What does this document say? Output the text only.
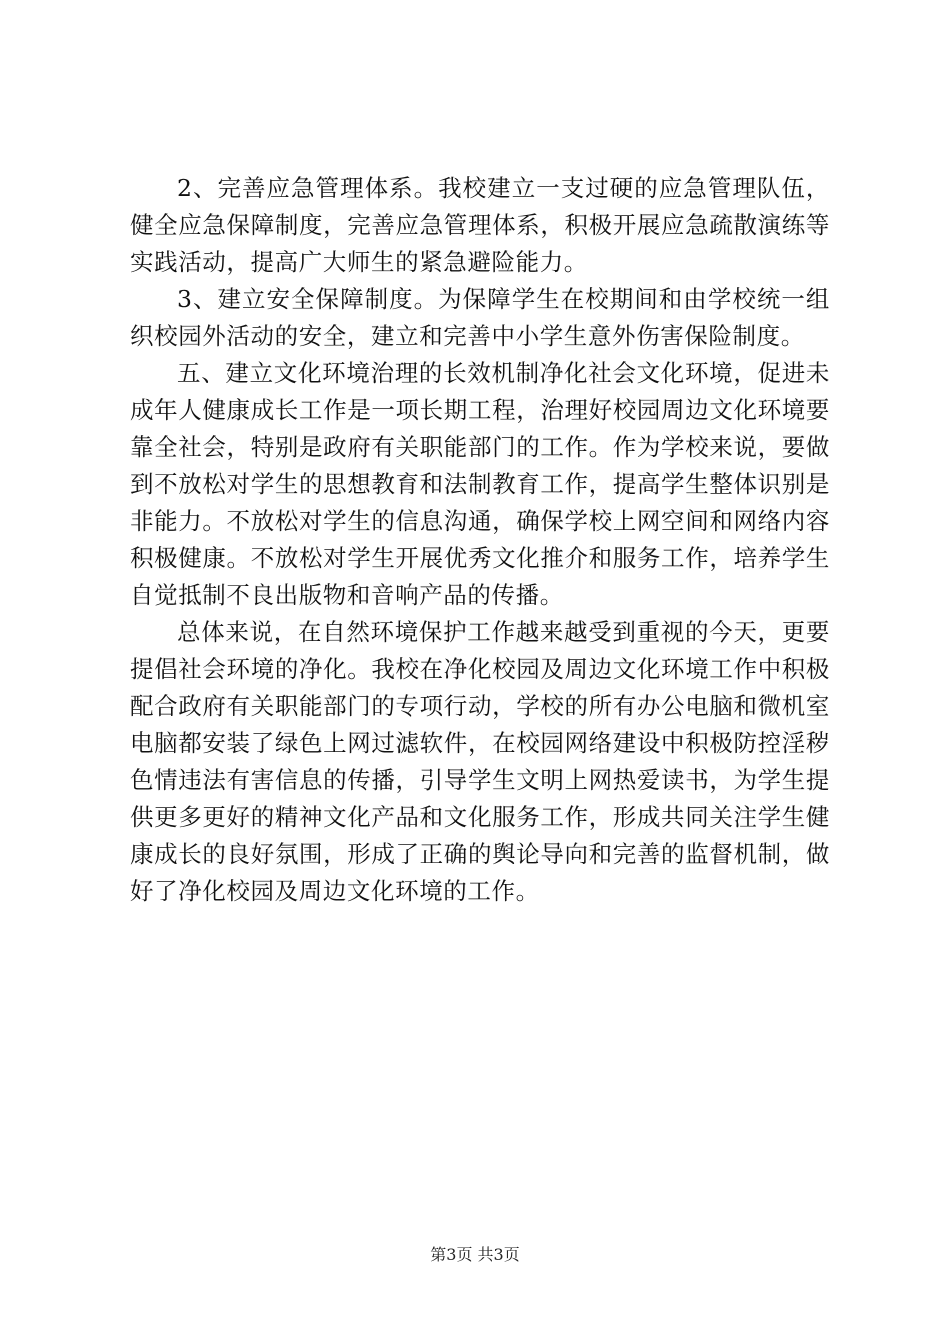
2、完善应急管理体系。我校建立一支过硬的应急管理队伍，健全应急保障制度，完善应急管理体系，积极开展应急疏散演练等实践活动，提高广大师生的紧急避险能力。

3、建立安全保障制度。为保障学生在校期间和由学校统一组织校园外活动的安全，建立和完善中小学生意外伤害保险制度。

五、建立文化环境治理的长效机制净化社会文化环境，促进未成年人健康成长工作是一项长期工程，治理好校园周边文化环境要靠全社会，特别是政府有关职能部门的工作。作为学校来说，要做到不放松对学生的思想教育和法制教育工作，提高学生整体识别是非能力。不放松对学生的信息沟通，确保学校上网空间和网络内容积极健康。不放松对学生开展优秀文化推介和服务工作，培养学生自觉抵制不良出版物和音响产品的传播。

总体来说，在自然环境保护工作越来越受到重视的今天，更要提倡社会环境的净化。我校在净化校园及周边文化环境工作中积极配合政府有关职能部门的专项行动，学校的所有办公电脑和微机室电脑都安装了绿色上网过滤软件，在校园网络建设中积极防控淫秽色情违法有害信息的传播，引导学生文明上网热爱读书，为学生提供更多更好的精神文化产品和文化服务工作，形成共同关注学生健康成长的良好氛围，形成了正确的舆论导向和完善的监督机制，做好了净化校园及周边文化环境的工作。

第3页 共3页
